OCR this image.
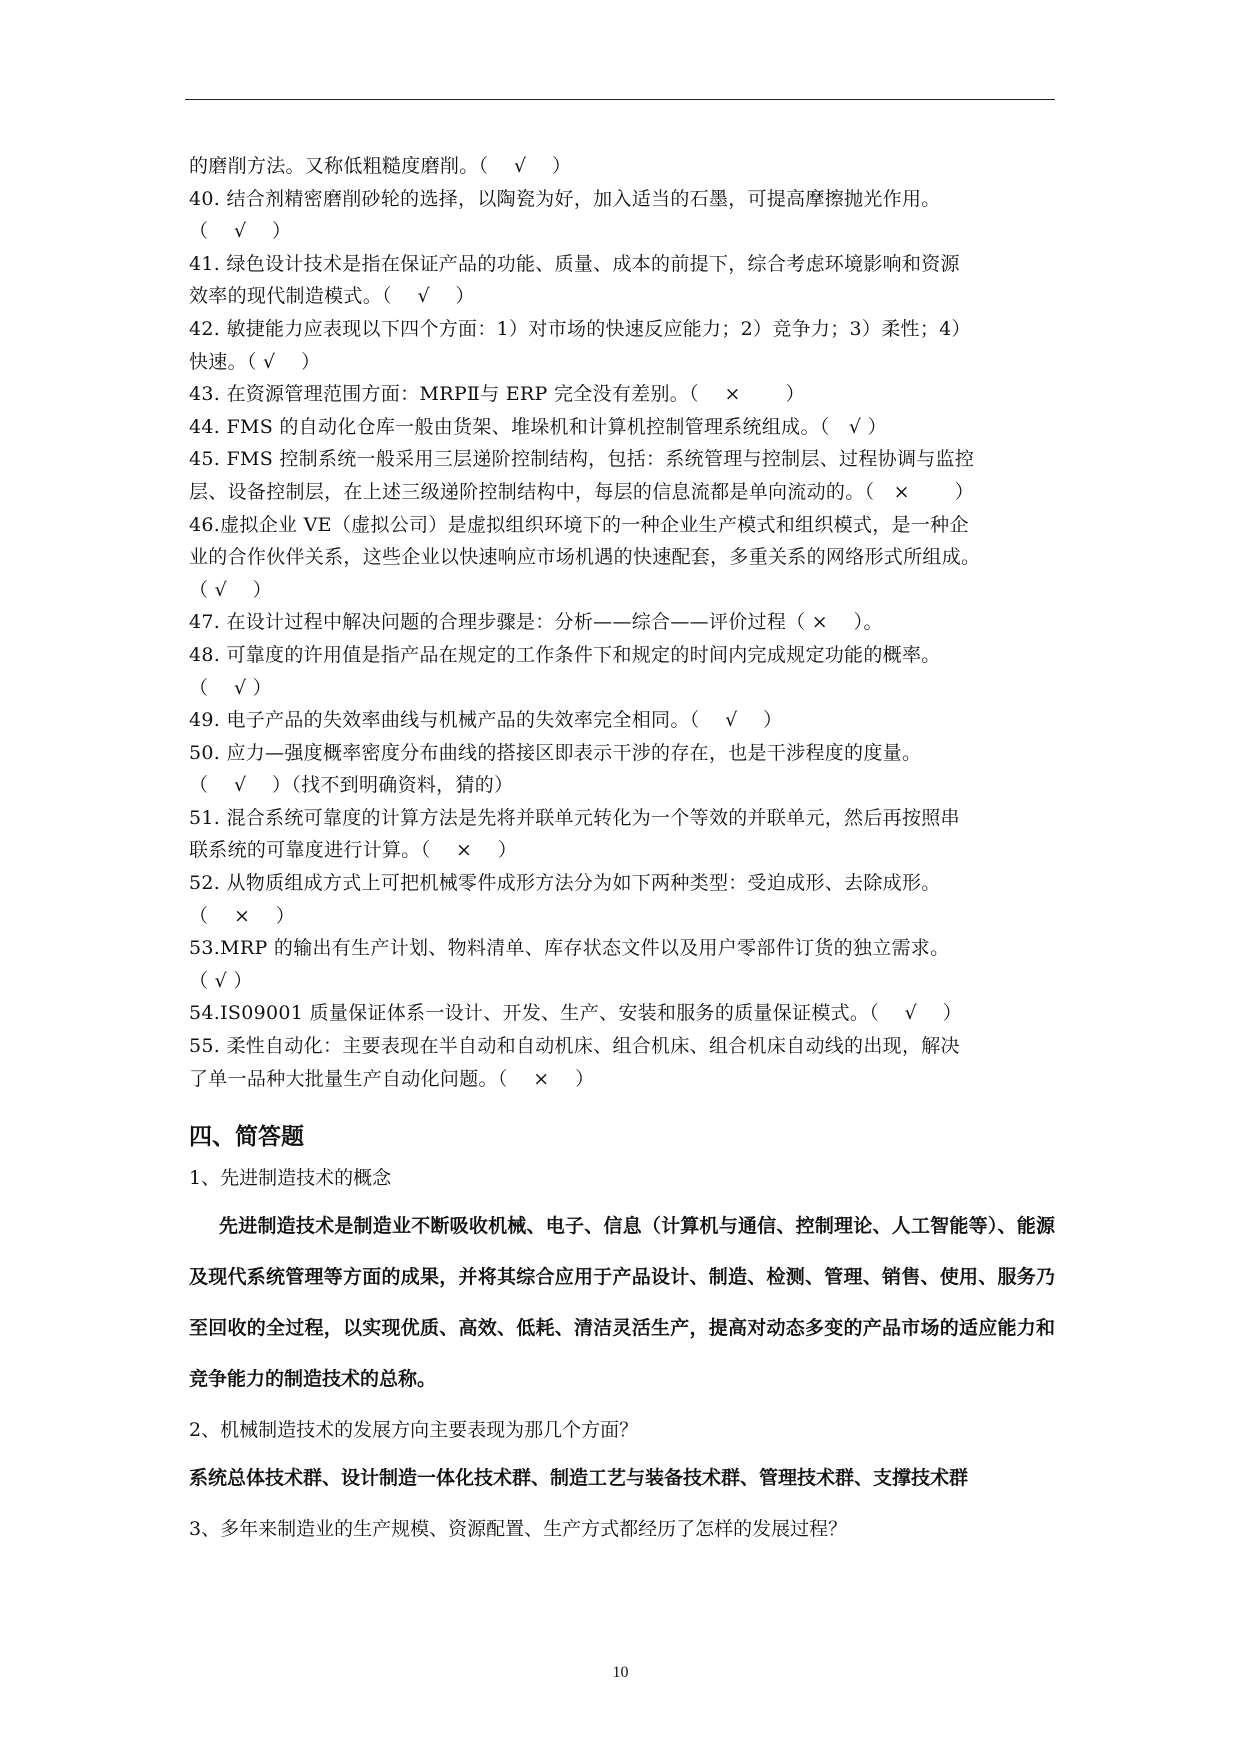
的磨削方法。又称低粗糙度磨削。（　 √ 　）

40. 结合剂精密磨削砂轮的选择，以陶瓷为好，加入适当的石墨，可提高摩擦抛光作用。

（ 　√ 　）

41. 绿色设计技术是指在保证产品的功能、质量、成本的前提下，综合考虑环境影响和资源

效率的现代制造模式。（ 　√ 　）

42. 敏捷能力应表现以下四个方面：1）对市场的快速反应能力；2）竞争力；3）柔性；4）

快速。（ √ 　）

43. 在资源管理范围方面：MRPⅡ与 ERP 完全没有差别。（ 　×　　 ）

44. FMS 的自动化仓库一般由货架、堆垛机和计算机控制管理系统组成。（　√ ）

45. FMS 控制系统一般采用三层递阶控制结构，包括：系统管理与控制层、过程协调与监控

层、设备控制层，在上述三级递阶控制结构中，每层的信息流都是单向流动的。（　×　　 ）

46.虚拟企业 VE（虚拟公司）是虚拟组织环境下的一种企业生产模式和组织模式，是一种企

业的合作伙伴关系，这些企业以快速响应市场机遇的快速配套，多重关系的网络形式所组成。

（ √ 　）

47. 在设计过程中解决问题的合理步骤是：分析——综合——评价过程（ × 　）。

48. 可靠度的许用值是指产品在规定的工作条件下和规定的时间内完成规定功能的概率。

（　 √ ）

49. 电子产品的失效率曲线与机械产品的失效率完全相同。（　 √ 　）

50. 应力—强度概率密度分布曲线的搭接区即表示干涉的存在，也是干涉程度的度量。

（ 　√ 　）（找不到明确资料，猜的）

51. 混合系统可靠度的计算方法是先将并联单元转化为一个等效的并联单元，然后再按照串

联系统的可靠度进行计算。（ 　× 　）

52. 从物质组成方式上可把机械零件成形方法分为如下两种类型：受迫成形、去除成形。

（ 　× 　）

53.MRP 的输出有生产计划、物料清单、库存状态文件以及用户零部件订货的独立需求。

（ √ ）

54.IS09001 质量保证体系一设计、开发、生产、安装和服务的质量保证模式。（ 　√ 　）

55. 柔性自动化：主要表现在半自动和自动机床、组合机床、组合机床自动线的出现，解决

了单一品种大批量生产自动化问题。（ 　× 　）

四、简答题

1、先进制造技术的概念

先进制造技术是制造业不断吸收机械、电子、信息（计算机与通信、控制理论、人工智能等）、能源及现代系统管理等方面的成果，并将其综合应用于产品设计、制造、检测、管理、销售、使用、服务乃至回收的全过程，以实现优质、高效、低耗、清洁灵活生产，提高对动态多变的产品市场的适应能力和竞争能力的制造技术的总称。

2、机械制造技术的发展方向主要表现为那几个方面？

系统总体技术群、设计制造一体化技术群、制造工艺与装备技术群、管理技术群、支撑技术群

3、多年来制造业的生产规模、资源配置、生产方式都经历了怎样的发展过程？

10
